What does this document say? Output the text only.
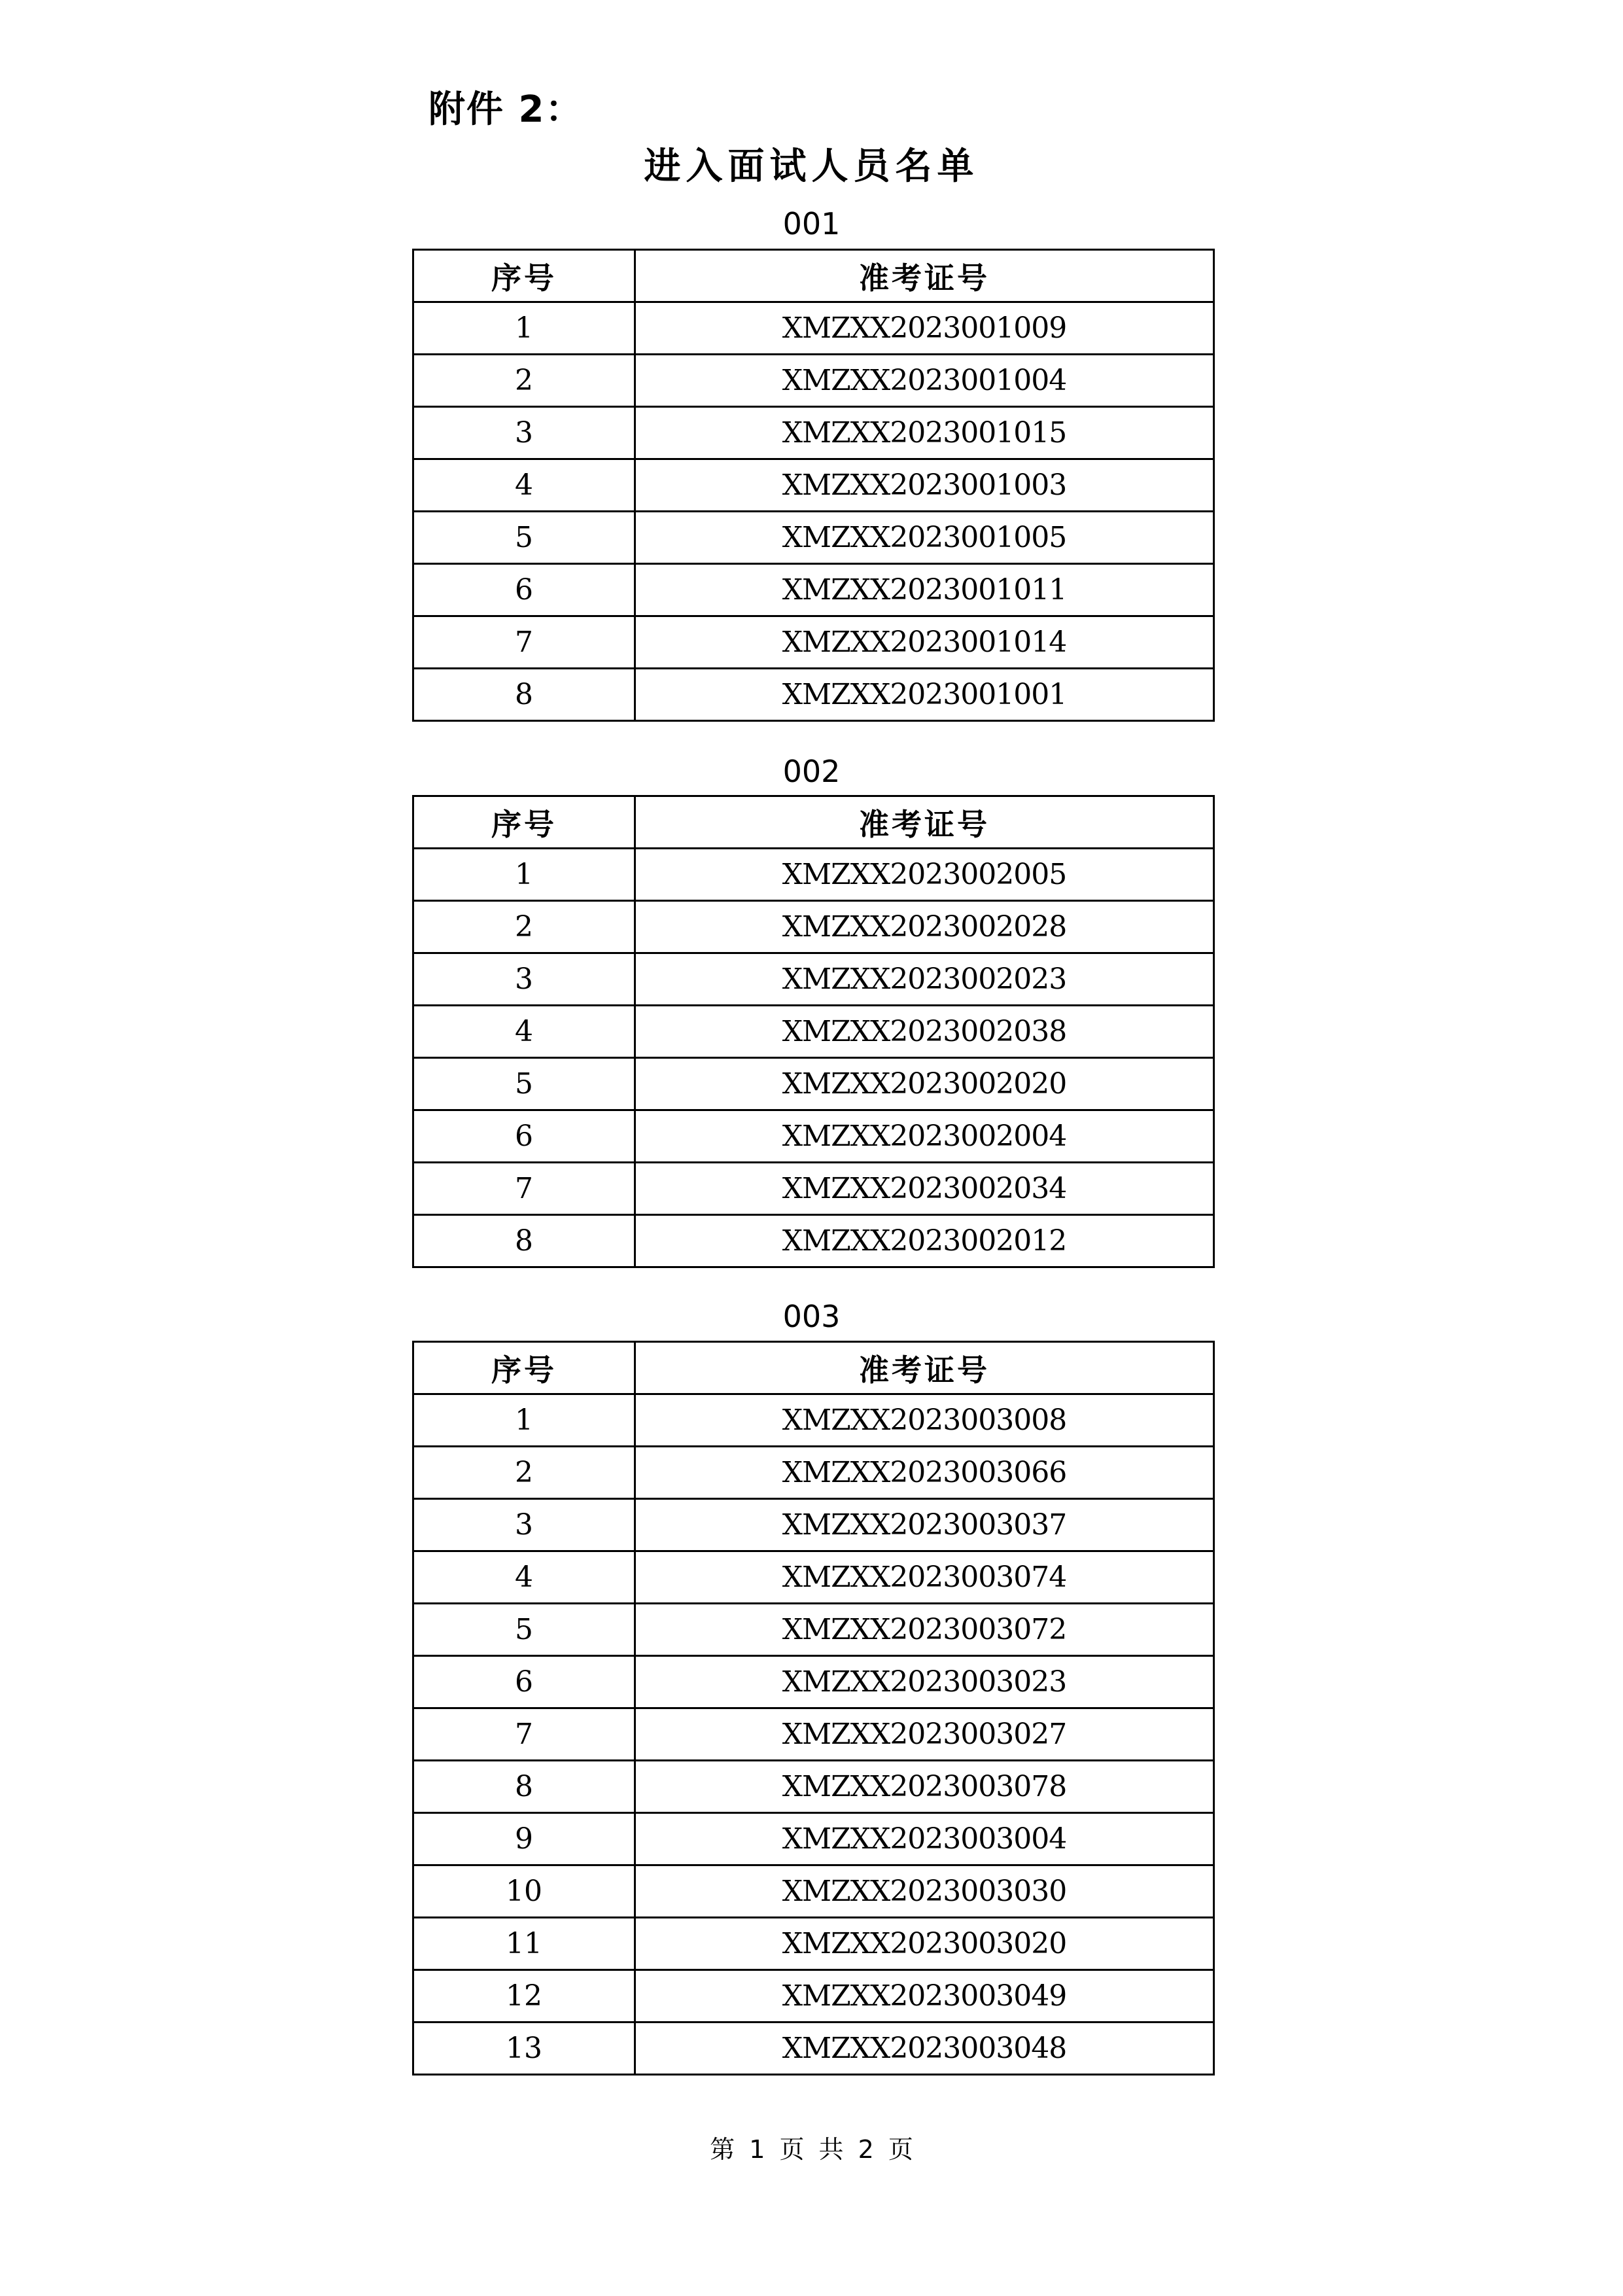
附件 2：
进入面试人员名单
001
序号	准考证号
1	XMZXX2023001009
2	XMZXX2023001004
3	XMZXX2023001015
4	XMZXX2023001003
5	XMZXX2023001005
6	XMZXX2023001011
7	XMZXX2023001014
8	XMZXX2023001001
002
序号	准考证号
1	XMZXX2023002005
2	XMZXX2023002028
3	XMZXX2023002023
4	XMZXX2023002038
5	XMZXX2023002020
6	XMZXX2023002004
7	XMZXX2023002034
8	XMZXX2023002012
003
序号	准考证号
1	XMZXX2023003008
2	XMZXX2023003066
3	XMZXX2023003037
4	XMZXX2023003074
5	XMZXX2023003072
6	XMZXX2023003023
7	XMZXX2023003027
8	XMZXX2023003078
9	XMZXX2023003004
10	XMZXX2023003030
11	XMZXX2023003020
12	XMZXX2023003049
13	XMZXX2023003048
第 1 页 共 2 页
